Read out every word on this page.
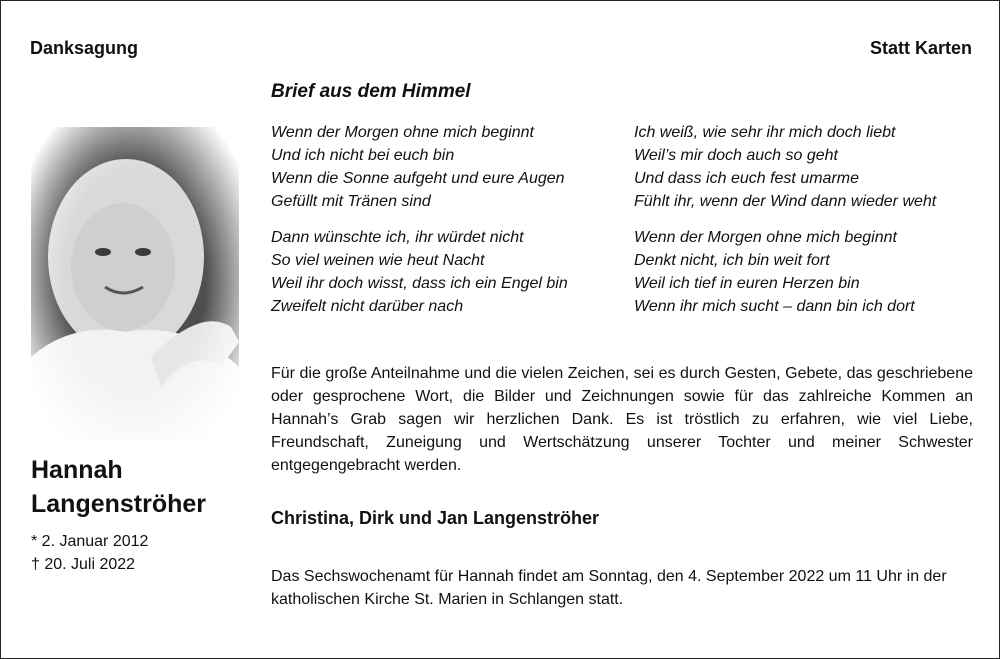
Danksagung	Statt Karten
Hannah
Langenströher
* 2. Januar 2012
† 20. Juli 2022
Brief aus dem Himmel
Wenn der Morgen ohne mich beginnt
Und ich nicht bei euch bin
Wenn die Sonne aufgeht und eure Augen
Gefüllt mit Tränen sind
Dann wünschte ich, ihr würdet nicht
So viel weinen wie heut Nacht
Weil ihr doch wisst, dass ich ein Engel bin
Zweifelt nicht darüber nach
Ich weiß, wie sehr ihr mich doch liebt
Weil’s mir doch auch so geht
Und dass ich euch fest umarme
Fühlt ihr, wenn der Wind dann wieder weht
Wenn der Morgen ohne mich beginnt
Denkt nicht, ich bin weit fort
Weil ich tief in euren Herzen bin
Wenn ihr mich sucht – dann bin ich dort
Für die große Anteilnahme und die vielen Zeichen, sei es durch Gesten, Gebete, das geschriebene oder gesprochene Wort, die Bilder und Zeichnungen sowie für das zahlreiche Kommen an Hannah’s Grab sagen wir herzlichen Dank. Es ist tröstlich zu erfahren, wie viel Liebe, Freundschaft, Zuneigung und Wertschätzung unserer Tochter und meiner Schwester entgegengebracht werden.
Christina, Dirk und Jan Langenströher
Das Sechswochenamt für Hannah findet am Sonntag, den 4. September 2022 um 11 Uhr in der katholischen Kirche St. Marien in Schlangen statt.
